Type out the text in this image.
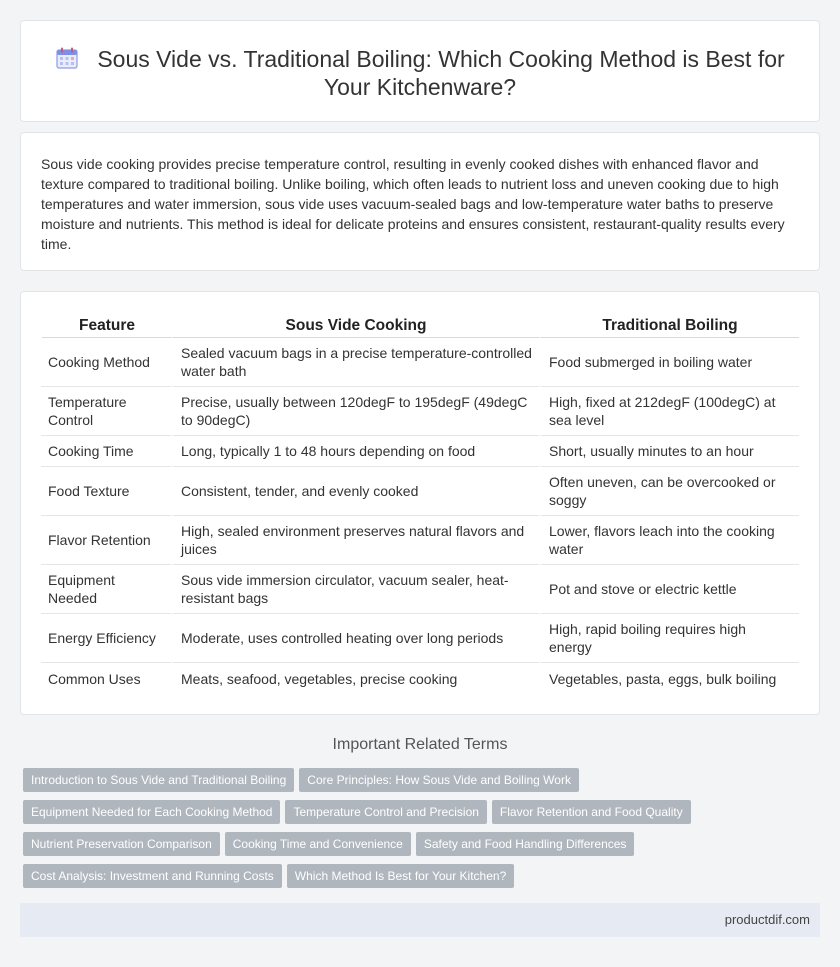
Sous Vide vs. Traditional Boiling: Which Cooking Method is Best for Your Kitchenware?

Sous vide cooking provides precise temperature control, resulting in evenly cooked dishes with enhanced flavor and texture compared to traditional boiling. Unlike boiling, which often leads to nutrient loss and uneven cooking due to high temperatures and water immersion, sous vide uses vacuum-sealed bags and low-temperature water baths to preserve moisture and nutrients. This method is ideal for delicate proteins and ensures consistent, restaurant-quality results every time.

Feature	Sous Vide Cooking	Traditional Boiling
Cooking Method	Sealed vacuum bags in a precise temperature-controlled water bath	Food submerged in boiling water
Temperature Control	Precise, usually between 120degF to 195degF (49degC to 90degC)	High, fixed at 212degF (100degC) at sea level
Cooking Time	Long, typically 1 to 48 hours depending on food	Short, usually minutes to an hour
Food Texture	Consistent, tender, and evenly cooked	Often uneven, can be overcooked or soggy
Flavor Retention	High, sealed environment preserves natural flavors and juices	Lower, flavors leach into the cooking water
Equipment Needed	Sous vide immersion circulator, vacuum sealer, heat-resistant bags	Pot and stove or electric kettle
Energy Efficiency	Moderate, uses controlled heating over long periods	High, rapid boiling requires high energy
Common Uses	Meats, seafood, vegetables, precise cooking	Vegetables, pasta, eggs, bulk boiling
Important Related Terms
Introduction to Sous Vide and Traditional Boiling Core Principles: How Sous Vide and Boiling Work
Equipment Needed for Each Cooking Method Temperature Control and Precision Flavor Retention and Food Quality
Nutrient Preservation Comparison Cooking Time and Convenience Safety and Food Handling Differences
Cost Analysis: Investment and Running Costs Which Method Is Best for Your Kitchen?
productdif.com
